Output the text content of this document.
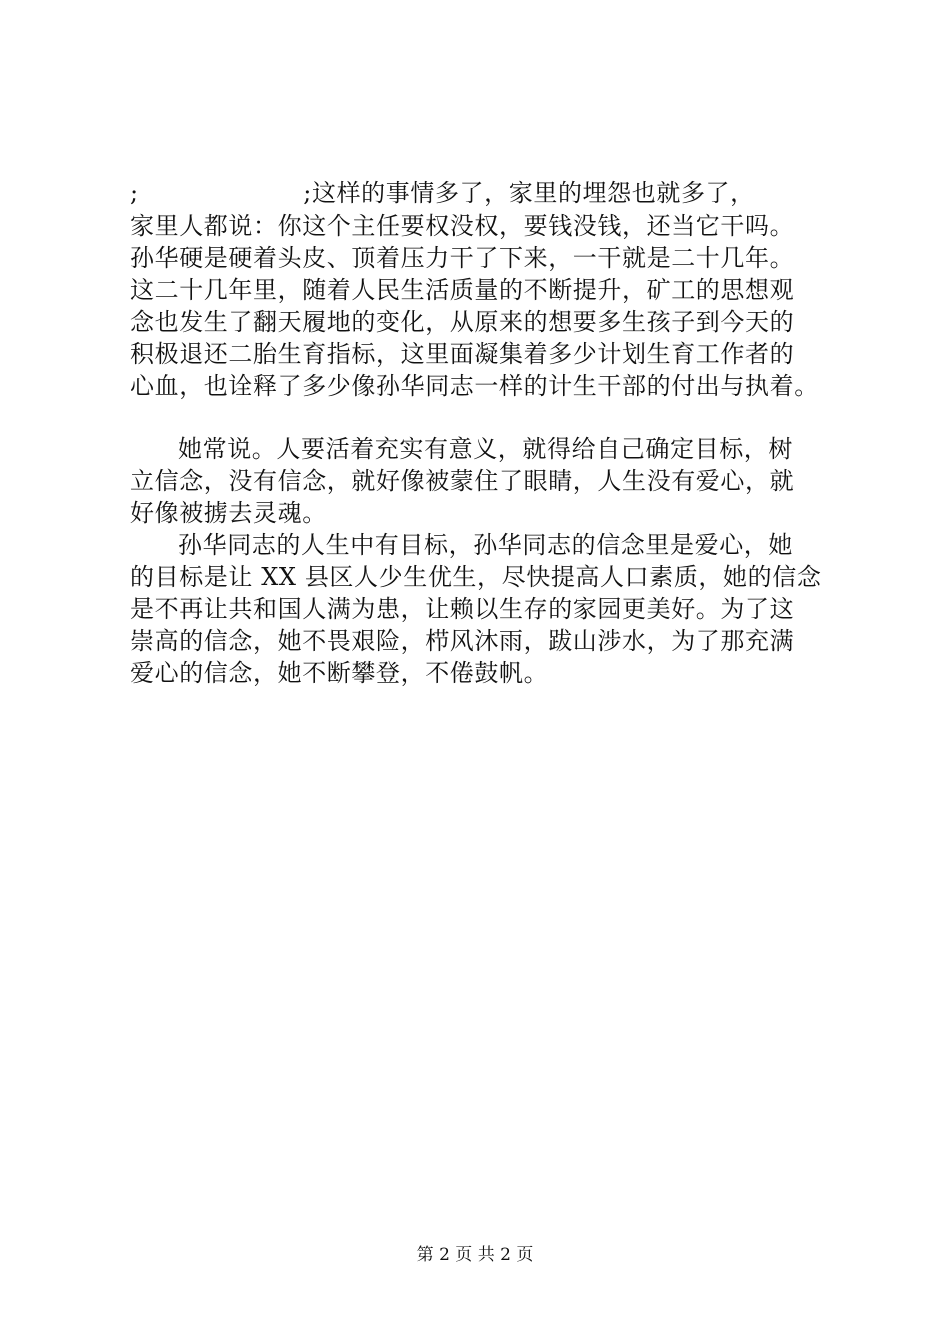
;                    ;这样的事情多了，家里的埋怨也就多了，
家里人都说：你这个主任要权没权，要钱没钱，还当它干吗。
孙华硬是硬着头皮、顶着压力干了下来，一干就是二十几年。
这二十几年里，随着人民生活质量的不断提升，矿工的思想观
念也发生了翻天履地的变化，从原来的想要多生孩子到今天的
积极退还二胎生育指标，这里面凝集着多少计划生育工作者的
心血，也诠释了多少像孙华同志一样的计生干部的付出与执着。
她常说。人要活着充实有意义，就得给自己确定目标，树
立信念，没有信念，就好像被蒙住了眼睛，人生没有爱心，就
好像被掳去灵魂。
孙华同志的人生中有目标，孙华同志的信念里是爱心，她
的目标是让 XX 县区人少生优生，尽快提高人口素质，她的信念
是不再让共和国人满为患，让赖以生存的家园更美好。为了这
崇高的信念，她不畏艰险，栉风沐雨，跋山涉水，为了那充满
爱心的信念，她不断攀登，不倦鼓帆。
第 2 页 共 2 页
